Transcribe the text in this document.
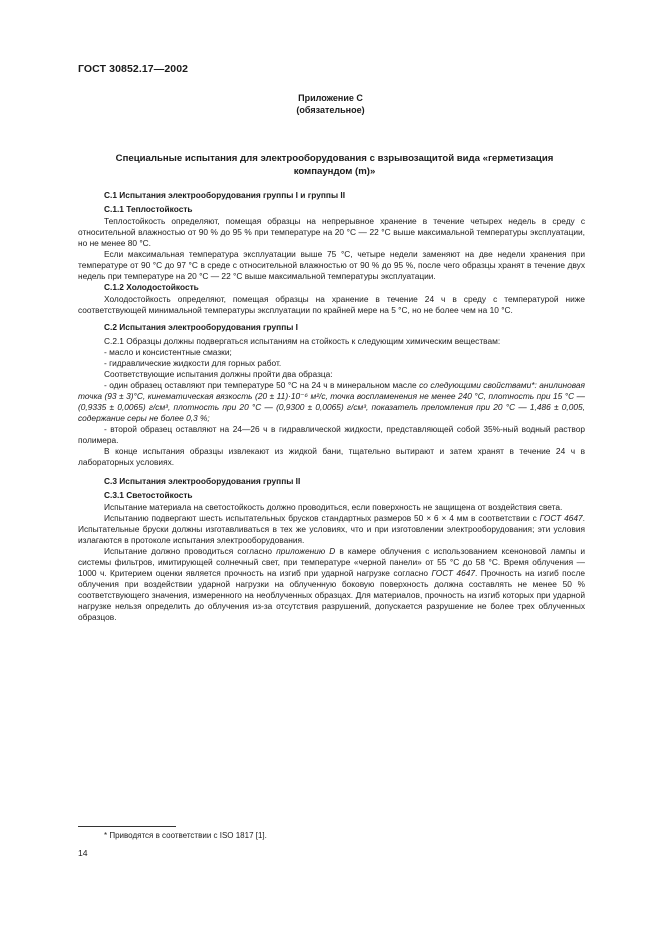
ГОСТ 30852.17—2002
Приложение С
(обязательное)
Специальные испытания для электрооборудования с взрывозащитой вида «герметизация компаундом (m)»

С.1 Испытания электрооборудования группы I и группы II

С.1.1 Теплостойкость

Теплостойкость определяют, помещая образцы на непрерывное хранение в течение четырех недель в среду с относительной влажностью от 90 % до 95 % при температуре на 20 °С — 22 °С выше максимальной температуры эксплуатации, но не менее 80 °С.

Если максимальная температура эксплуатации выше 75 °С, четыре недели заменяют на две недели хранения при температуре от 90 °С до 97 °С в среде с относительной влажностью от 90 % до 95 %, после чего образцы хранят в течение двух недель при температуре на 20 °С — 22 °С выше максимальной температуры эксплуатации.

С.1.2 Холодостойкость

Холодостойкость определяют, помещая образцы на хранение в течение 24 ч в среду с температурой ниже соответствующей минимальной температуры эксплуатации по крайней мере на 5 °С, но не более чем на 10 °С.

С.2 Испытания электрооборудования группы I

С.2.1 Образцы должны подвергаться испытаниям на стойкость к следующим химическим веществам:

- масло и консистентные смазки;

- гидравлические жидкости для горных работ.

Соответствующие испытания должны пройти два образца:

- один образец оставляют при температуре 50 °С на 24 ч в минеральном масле со следующими свойствами*: анилиновая точка (93 ± 3)°С, кинематическая вязкость (20 ± 11)·10⁻⁶ м²/с, точка воспламенения не менее 240 °С, плотность при 15 °С — (0,9335 ± 0,0065) г/см³, плотность при 20 °С — (0,9300 ± 0,0065) г/см³, показатель преломления при 20 °С — 1,486 ± 0,005, содержание серы не более 0,3 %;

- второй образец оставляют на 24—26 ч в гидравлической жидкости, представляющей собой 35%-ный водный раствор полимера.

В конце испытания образцы извлекают из жидкой бани, тщательно вытирают и затем хранят в течение 24 ч в лабораторных условиях.

С.3 Испытания электрооборудования группы II

С.3.1 Светостойкость

Испытание материала на светостойкость должно проводиться, если поверхность не защищена от воздействия света.

Испытанию подвергают шесть испытательных брусков стандартных размеров 50 × 6 × 4 мм в соответствии с ГОСТ 4647. Испытательные бруски должны изготавливаться в тех же условиях, что и при изготовлении электрооборудования; эти условия излагаются в протоколе испытания электрооборудования.

Испытание должно проводиться согласно приложению D в камере облучения с использованием ксеноновой лампы и системы фильтров, имитирующей солнечный свет, при температуре «черной панели» от 55 °С до 58 °С. Время облучения — 1000 ч. Критерием оценки является прочность на изгиб при ударной нагрузке согласно ГОСТ 4647. Прочность на изгиб после облучения при воздействии ударной нагрузки на облученную боковую поверхность должна составлять не менее 50 % соответствующего значения, измеренного на необлученных образцах. Для материалов, прочность на изгиб которых при ударной нагрузке нельзя определить до облучения из-за отсутствия разрушений, допускается разрушение не более трех облученных образцов.

* Приводятся в соответствии с ISO 1817 [1].
14
